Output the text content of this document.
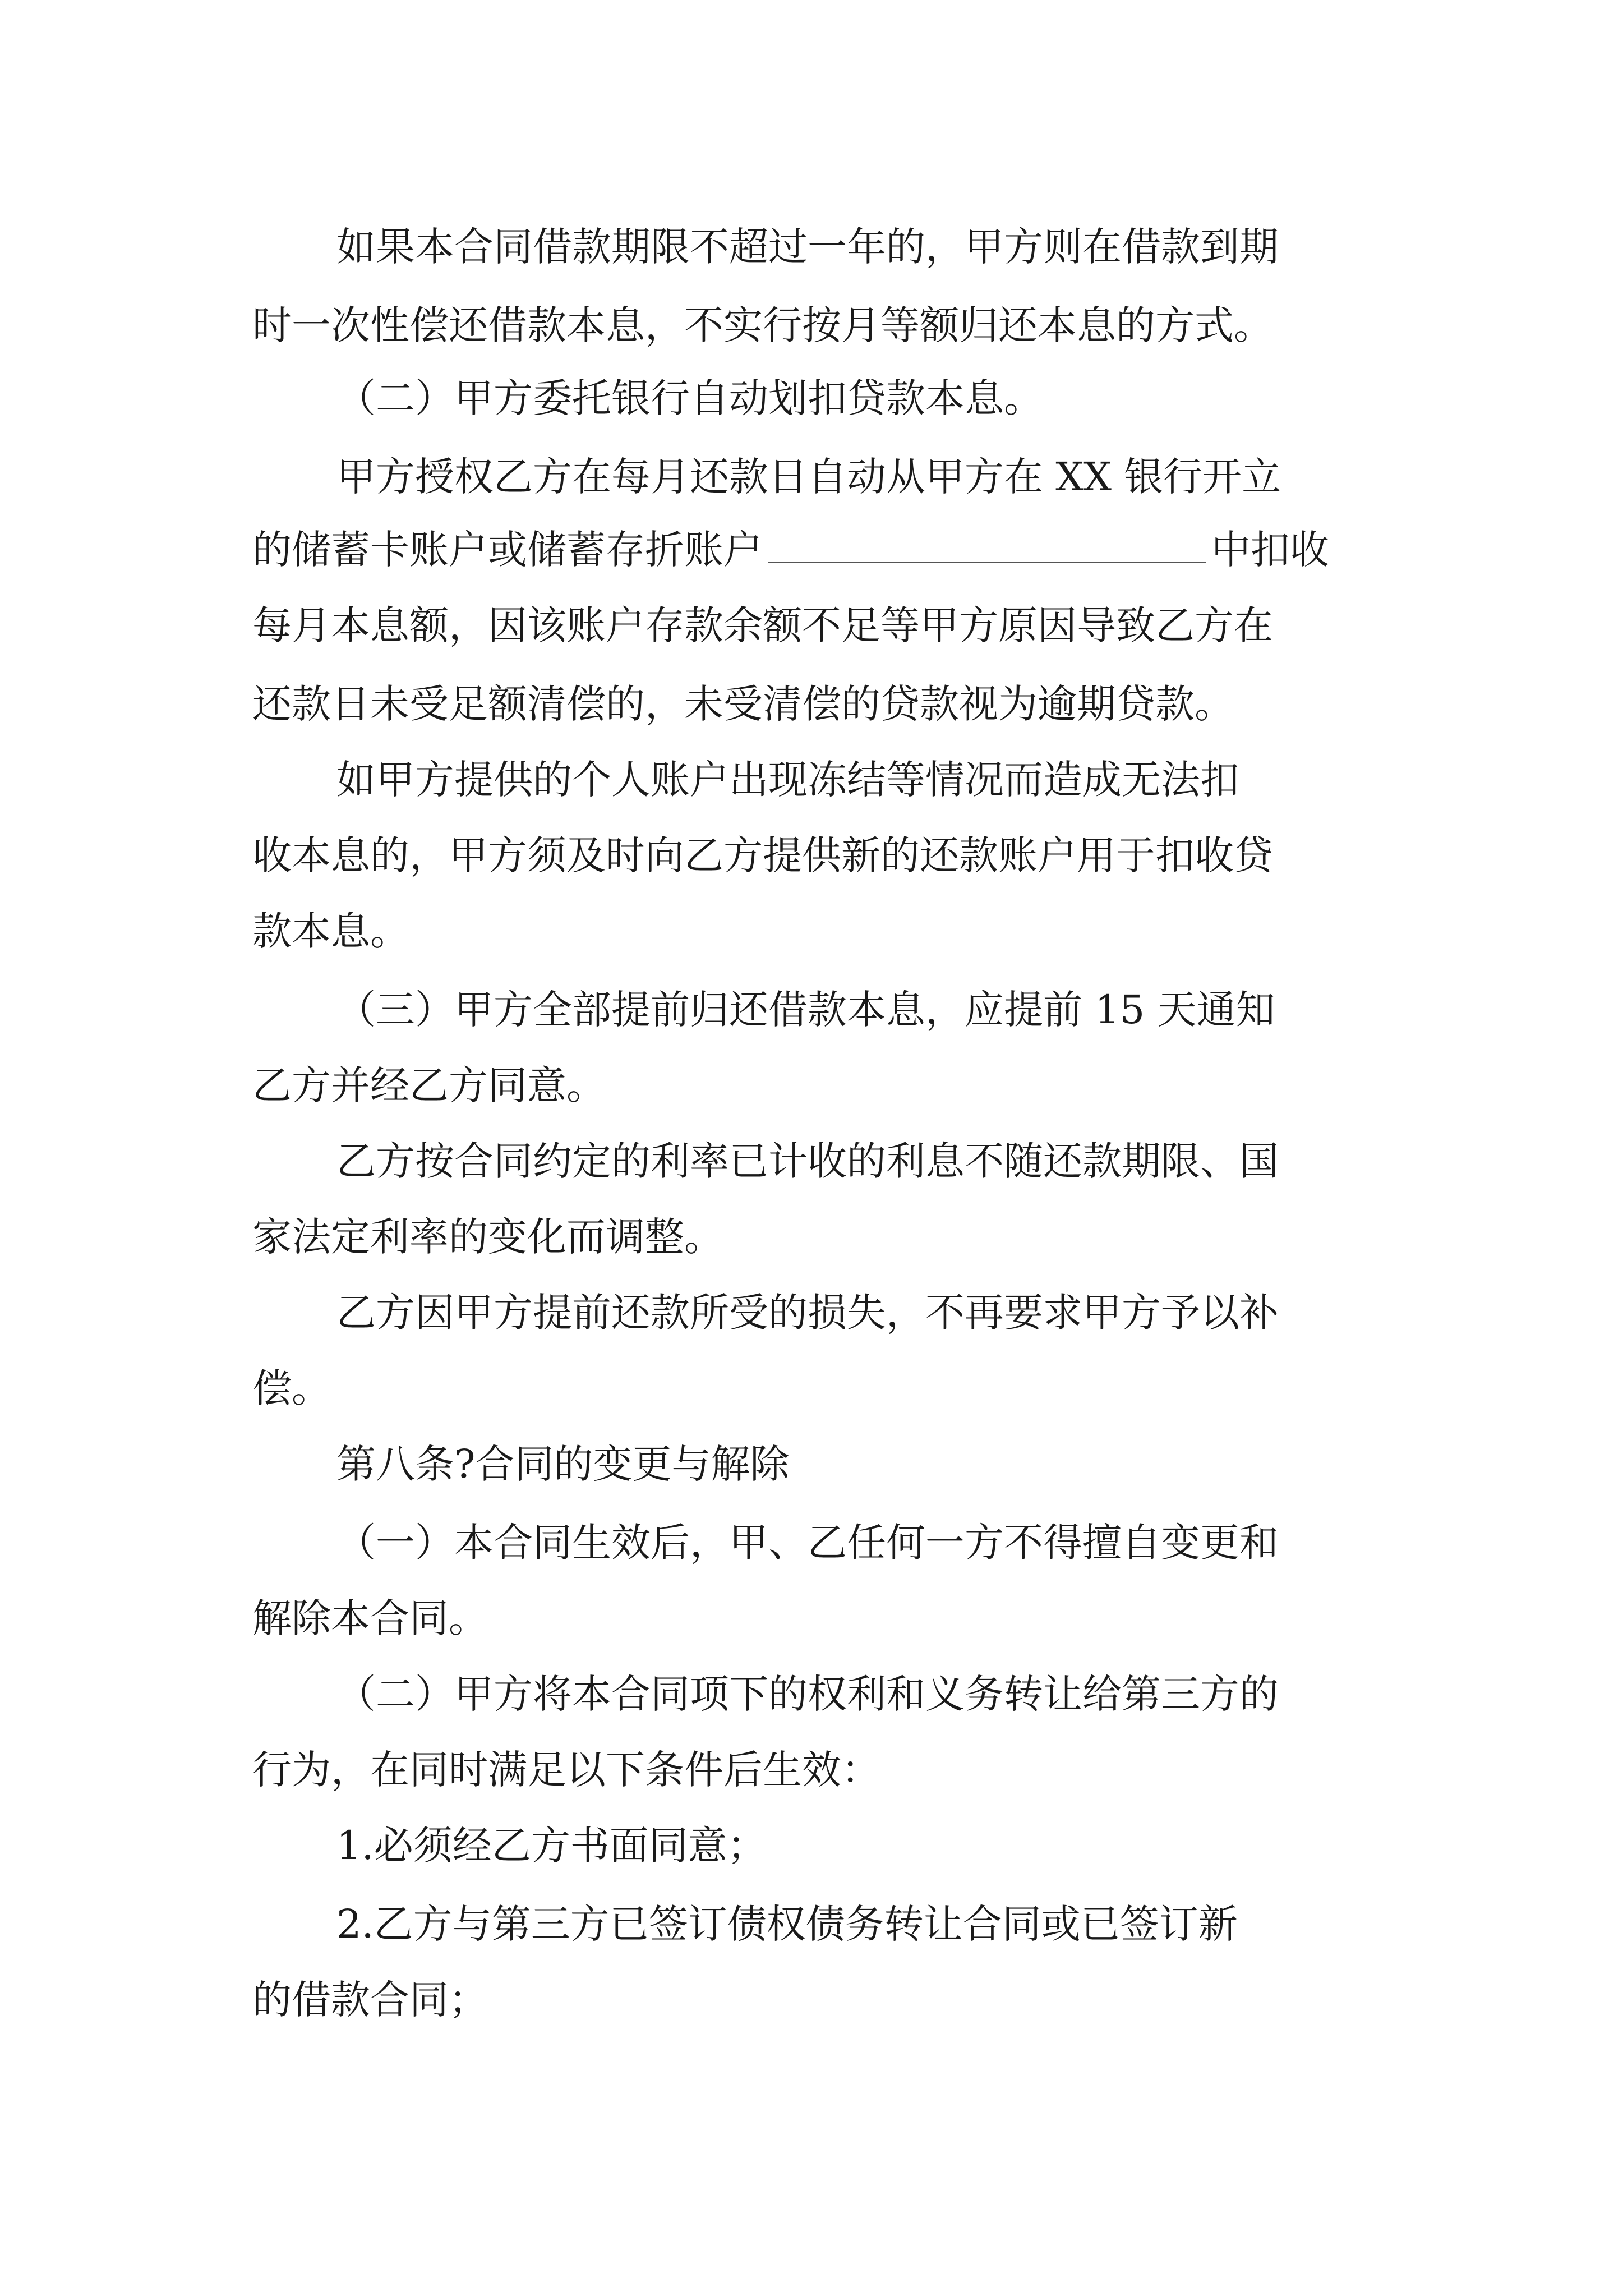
如果本合同借款期限不超过一年的，甲方则在借款到期
时一次性偿还借款本息，不实行按月等额归还本息的方式。
（二）甲方委托银行自动划扣贷款本息。
甲方授权乙方在每月还款日自动从甲方在 XX 银行开立
的储蓄卡账户或储蓄存折账户	中扣收
每月本息额，因该账户存款余额不足等甲方原因导致乙方在
还款日未受足额清偿的，未受清偿的贷款视为逾期贷款。
如甲方提供的个人账户出现冻结等情况而造成无法扣
收本息的，甲方须及时向乙方提供新的还款账户用于扣收贷
款本息。
（三）甲方全部提前归还借款本息，应提前 15 天通知
乙方并经乙方同意。
乙方按合同约定的利率已计收的利息不随还款期限、国
家法定利率的变化而调整。
乙方因甲方提前还款所受的损失，不再要求甲方予以补
偿。
第八条?合同的变更与解除
（一）本合同生效后，甲、乙任何一方不得擅自变更和
解除本合同。
（二）甲方将本合同项下的权利和义务转让给第三方的
行为，在同时满足以下条件后生效：
1.必须经乙方书面同意；
2.乙方与第三方已签订债权债务转让合同或已签订新
的借款合同；
